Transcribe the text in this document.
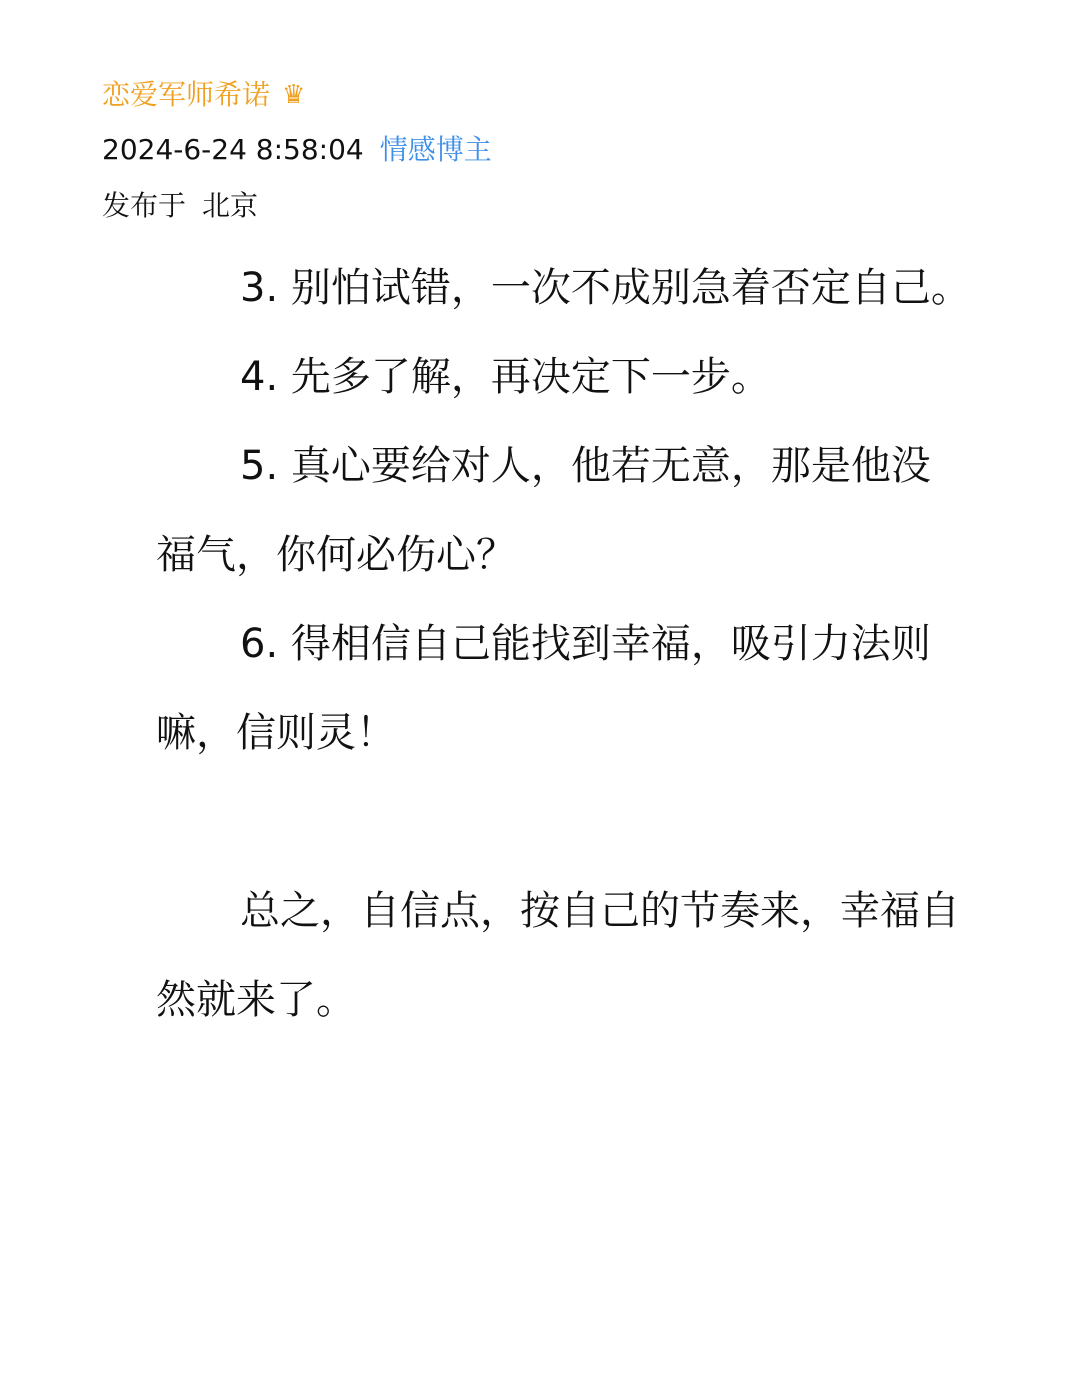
恋爱军师希诺 ♛
2024-6-24 8:58:04 情感博主
发布于 北京

3. 别怕试错，一次不成别急着否定自己。

4. 先多了解，再决定下一步。

5. 真心要给对人，他若无意，那是他没福气，你何必伤心？

6. 得相信自己能找到幸福，吸引力法则嘛，信则灵！

总之，自信点，按自己的节奏来，幸福自然就来了。
